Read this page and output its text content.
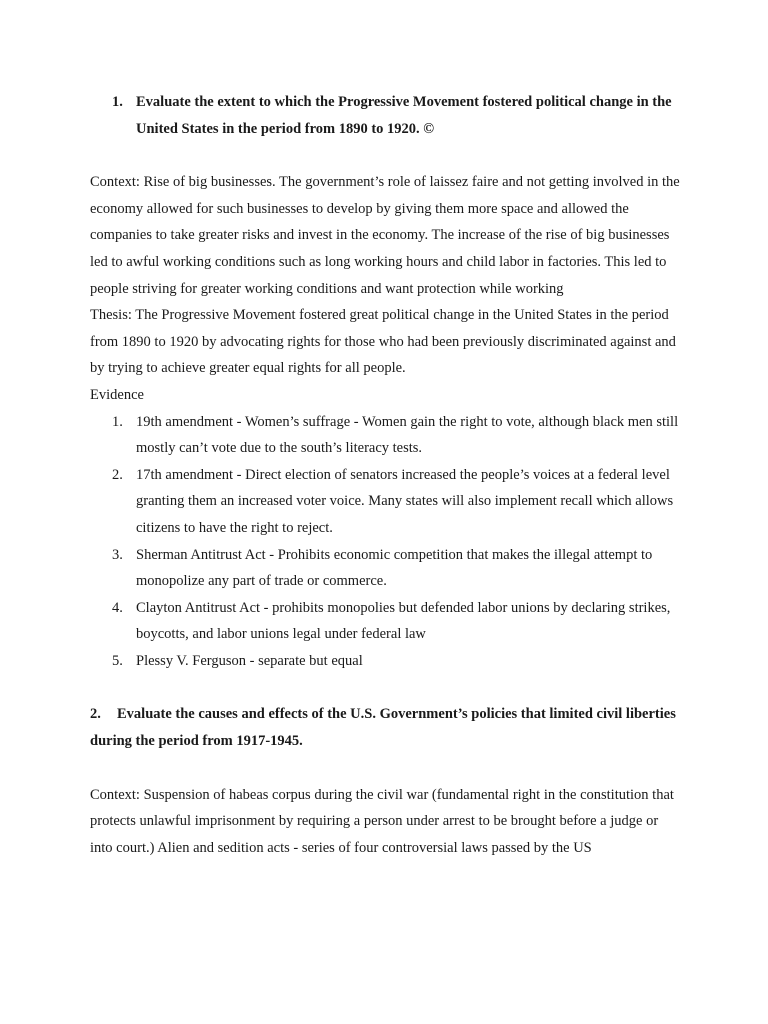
1. Evaluate the extent to which the Progressive Movement fostered political change in the United States in the period from 1890 to 1920. ©

Context: Rise of big businesses. The government’s role of laissez faire and not getting involved in the economy allowed for such businesses to develop by giving them more space and allowed the companies to take greater risks and invest in the economy. The increase of the rise of big businesses led to awful working conditions such as long working hours and child labor in factories. This led to people striving for greater working conditions and want protection while working

Thesis: The Progressive Movement fostered great political change in the United States in the period from 1890 to 1920 by advocating rights for those who had been previously discriminated against and by trying to achieve greater equal rights for all people.

Evidence

1. 19th amendment - Women’s suffrage - Women gain the right to vote, although black men still mostly can’t vote due to the south’s literacy tests.
2. 17th amendment - Direct election of senators increased the people’s voices at a federal level granting them an increased voter voice. Many states will also implement recall which allows citizens to have the right to reject.
3. Sherman Antitrust Act - Prohibits economic competition that makes the illegal attempt to monopolize any part of trade or commerce.
4. Clayton Antitrust Act - prohibits monopolies but defended labor unions by declaring strikes, boycotts, and labor unions legal under federal law
5. Plessy V. Ferguson - separate but equal
2. Evaluate the causes and effects of the U.S. Government’s policies that limited civil liberties during the period from 1917-1945.

Context: Suspension of habeas corpus during the civil war (fundamental right in the constitution that protects unlawful imprisonment by requiring a person under arrest to be brought before a judge or into court.) Alien and sedition acts - series of four controversial laws passed by the US
